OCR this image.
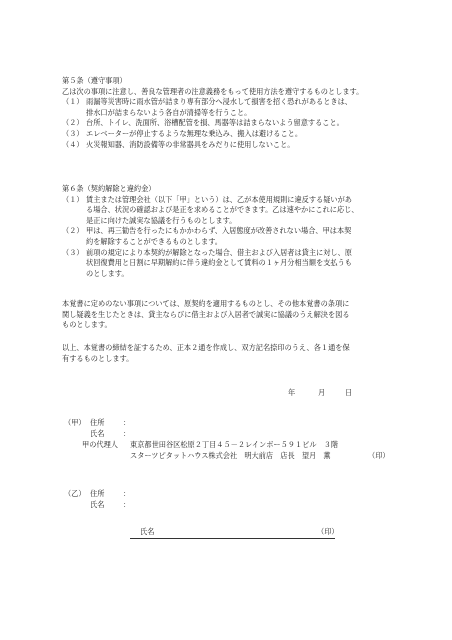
第５条（遵守事項）

乙は次の事項に注意し、善良な管理者の注意義務をもって使用方法を遵守するものとします。

（１） 雨漏等災害時に雨水管が詰まり専有部分へ浸水して損害を招く恐れがあるときは、

排水口が詰まらないよう各自が清掃等を行うこと。

（２） 台所、トイレ、洗面所、浴槽配管を損、馬器等は詰まらないよう留意すること。
（３） エレベーターが停止するような無理な乗込み、搬入は避けること。
（４） 火災報知器、消防設備等の非常器具をみだりに使用しないこと。

第６条（契約解除と違約金）

（１） 賃主または管理会社（以下「甲」という）は、乙が本使用規則に違反する疑いがあ
る場合、状況の確認および是正を求めることができます。乙は速やかにこれに応じ、
是正に向けた誠実な協議を行うものとします。
（２） 甲は、再三勧告を行ったにもかかわらず、入居態度が改善されない場合、甲は本契
約を解除することができるものとします。
（３） 前項の規定により本契約が解除となった場合、借主および入居者は貸主に対し、原
状回復費用と日割に早期解約に伴う違約金として賃料の１ヶ月分相当額を支払うも
のとします。

本覚書に定めのない事項については、原契約を適用するものとし、その他本覚書の条項に

関し疑義を生じたときは、貸主ならびに借主および入居者で誠実に協議のうえ解決を図る

ものとします。

以上、本覚書の締結を証するため、正本２通を作成し、双方記名捺印のうえ、各１通を保

有するものとします。

年	月	日
（甲） 住所	：
氏名	：
甲の代理人 東京都世田谷区松原２丁目４５－２レインボー５９１ビル　３階
スターツピタットハウス株式会社　明大前店　店長　望月　薫	（印）
（乙） 住所	：
氏名	：
氏名	（印）
